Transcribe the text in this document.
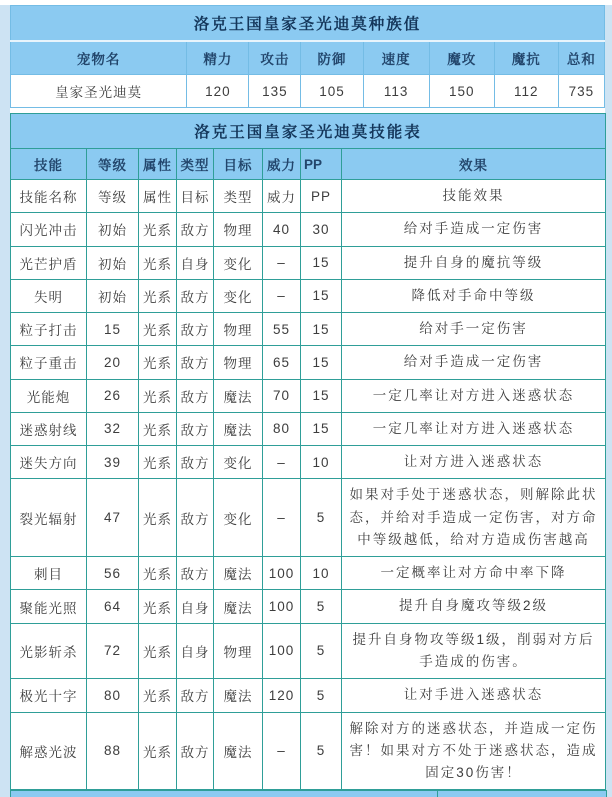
洛克王国皇家圣光迪莫种族值							
宠物名	精力	攻击	防御	速度	魔攻	魔抗	总和
皇家圣光迪莫	120	135	105	113	150	112	735
洛克王国皇家圣光迪莫技能表							
技能	等级	属性	类型	目标	威力	PP	效果
技能名称	等级	属性	目标	类型	威力	PP	技能效果
闪光冲击	初始	光系	敌方	物理	40	30	给对手造成一定伤害
光芒护盾	初始	光系	自身	变化	–	15	提升自身的魔抗等级
失明	初始	光系	敌方	变化	–	15	降低对手命中等级
粒子打击	15	光系	敌方	物理	55	15	给对手一定伤害
粒子重击	20	光系	敌方	物理	65	15	给对手造成一定伤害
光能炮	26	光系	敌方	魔法	70	15	一定几率让对方进入迷惑状态
迷惑射线	32	光系	敌方	魔法	80	15	一定几率让对方进入迷惑状态
迷失方向	39	光系	敌方	变化	–	10	让对方进入迷惑状态
裂光辐射	47	光系	敌方	变化	–	5	如果对手处于迷惑状态，则解除此状态，并给对手造成一定伤害，对方命中等级越低，给对方造成伤害越高
刺目	56	光系	敌方	魔法	100	10	一定概率让对方命中率下降
聚能光照	64	光系	自身	魔法	100	5	提升自身魔攻等级2级
光影斩杀	72	光系	自身	物理	100	5	提升自身物攻等级1级，削弱对方后手造成的伤害。
极光十字	80	光系	敌方	魔法	120	5	让对手进入迷惑状态
解惑光波	88	光系	敌方	魔法	–	5	解除对方的迷惑状态，并造成一定伤害！如果对方不处于迷惑状态，造成固定30伤害！
